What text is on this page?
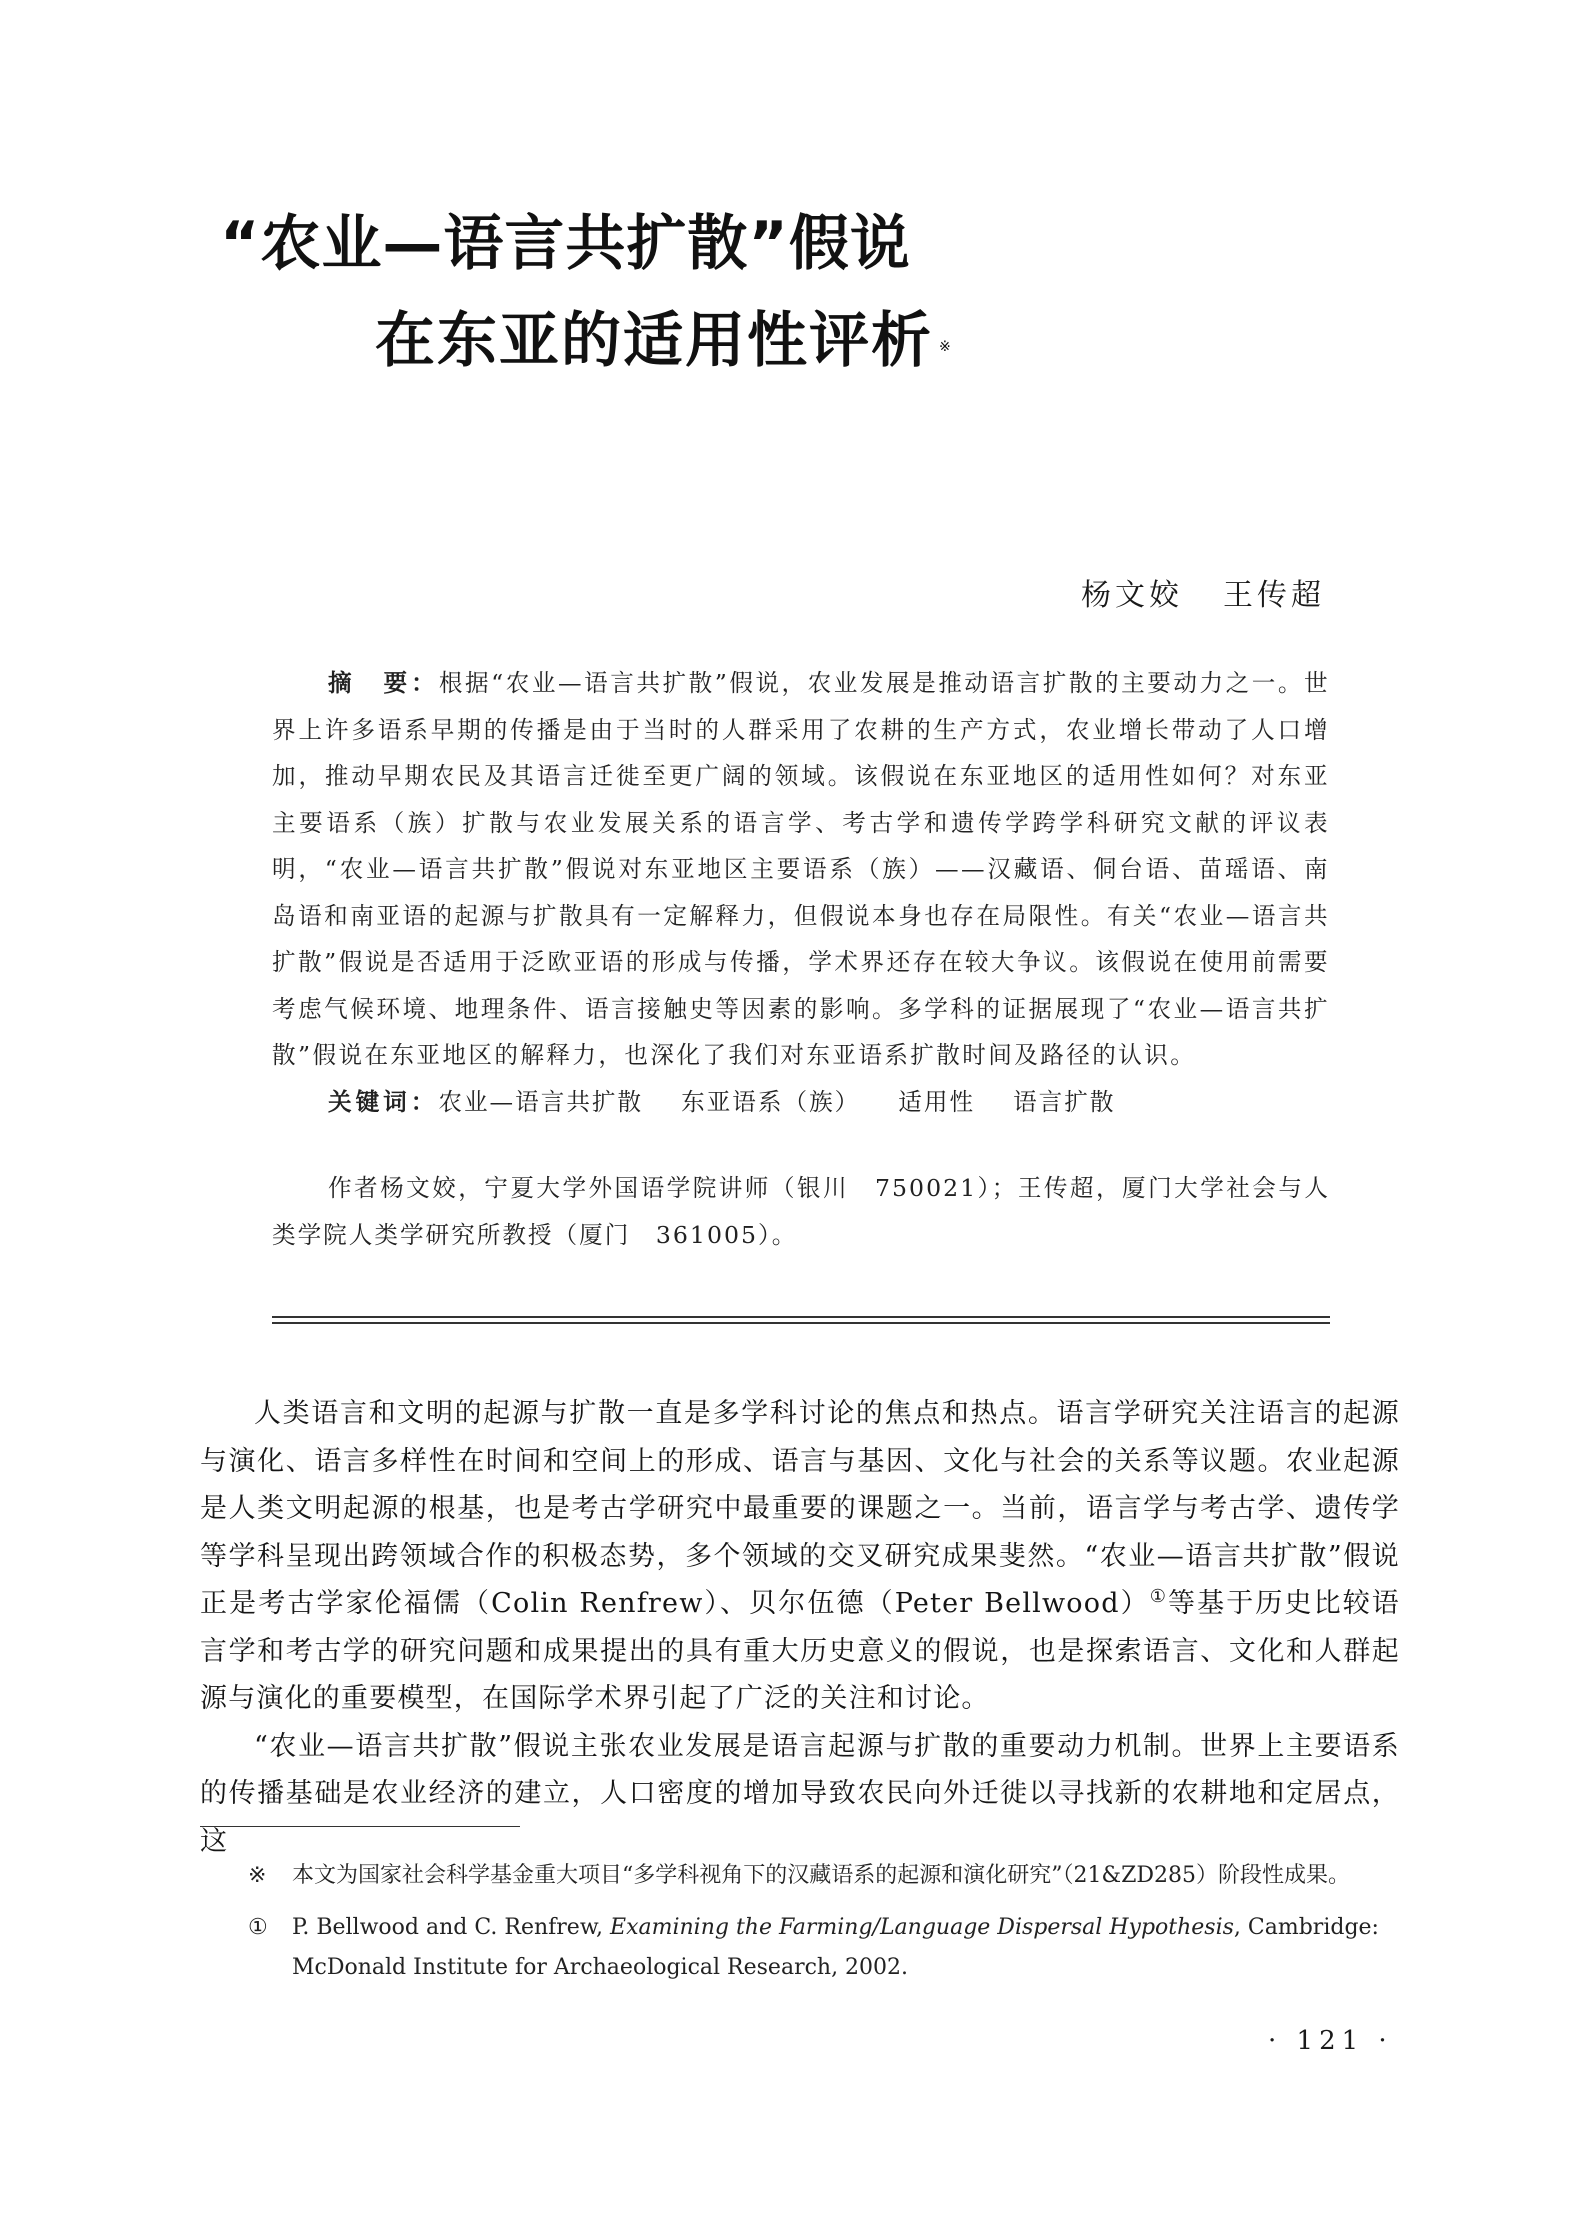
“农业—语言共扩散”假说
在东亚的适用性评析 ※
杨文姣 王传超

摘　要：根据“农业—语言共扩散”假说，农业发展是推动语言扩散的主要动力之一。世界上许多语系早期的传播是由于当时的人群采用了农耕的生产方式，农业增长带动了人口增加，推动早期农民及其语言迁徙至更广阔的领域。该假说在东亚地区的适用性如何？对东亚主要语系（族）扩散与农业发展关系的语言学、考古学和遗传学跨学科研究文献的评议表明，“农业—语言共扩散”假说对东亚地区主要语系（族）——汉藏语、侗台语、苗瑶语、南岛语和南亚语的起源与扩散具有一定解释力，但假说本身也存在局限性。有关“农业—语言共扩散”假说是否适用于泛欧亚语的形成与传播，学术界还存在较大争议。该假说在使用前需要考虑气候环境、地理条件、语言接触史等因素的影响。多学科的证据展现了“农业—语言共扩散”假说在东亚地区的解释力，也深化了我们对东亚语系扩散时间及路径的认识。

关键词：农业—语言共扩散 东亚语系（族） 适用性 语言扩散

作者杨文姣，宁夏大学外国语学院讲师（银川　750021）；王传超，厦门大学社会与人类学院人类学研究所教授（厦门　361005）。

人类语言和文明的起源与扩散一直是多学科讨论的焦点和热点。语言学研究关注语言的起源与演化、语言多样性在时间和空间上的形成、语言与基因、文化与社会的关系等议题。农业起源是人类文明起源的根基，也是考古学研究中最重要的课题之一。当前，语言学与考古学、遗传学等学科呈现出跨领域合作的积极态势，多个领域的交叉研究成果斐然。“农业—语言共扩散”假说正是考古学家伦福儒（Colin Renfrew）、贝尔伍德（Peter Bellwood）①等基于历史比较语言学和考古学的研究问题和成果提出的具有重大历史意义的假说，也是探索语言、文化和人群起源与演化的重要模型，在国际学术界引起了广泛的关注和讨论。

“农业—语言共扩散”假说主张农业发展是语言起源与扩散的重要动力机制。世界上主要语系的传播基础是农业经济的建立，人口密度的增加导致农民向外迁徙以寻找新的农耕地和定居点，这

※ 本文为国家社会科学基金重大项目“多学科视角下的汉藏语系的起源和演化研究”（21&ZD285）阶段性成果。
① P. Bellwood and C. Renfrew, Examining the Farming/Language Dispersal Hypothesis, Cambridge: McDonald Institute for Archaeological Research, 2002.
· 121 ·
